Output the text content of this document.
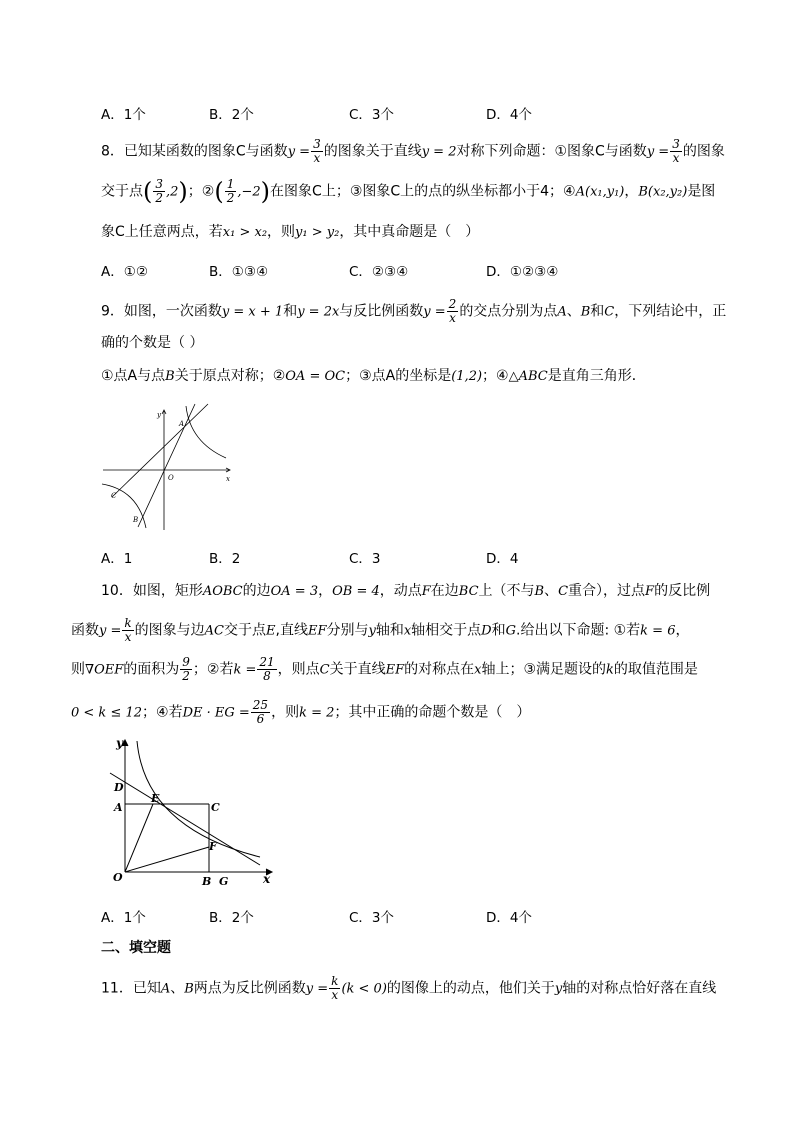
A．1个	B．2个	C．3个	D．4个
8．已知某函数的图象C与函数$y = \frac{3}{x}$ 的图象关于直线y = 2对称下列命题：①图象C与函数$y = \frac{3}{x}$ 的图象
交于点( $\frac{3}{2} ,2$)；②( $\frac{1}{2} ,-2$)在图象C上；③图象C上的点的纵坐标都小于4；④A(x₁,y₁)，B(x₂,y₂)是图
象C上任意两点，若x₁ > x₂，则y₁ > y₂，其中真命题是（　）
A．①②	B．①③④	C．②③④	D．①②③④
9．如图，一次函数y = x + 1和y = 2x与反比例函数$y = \frac{2}{x}$ 的交点分别为点A、B和C，下列结论中，正
确的个数是（ ）
①点A与点B关于原点对称；②OA = OC；③点A的坐标是(1,2)；④△ABC是直角三角形．
y
x
O
A
C
B
A．1	B．2	C．3	D．4
10．如图，矩形AOBC的边OA = 3，OB = 4，动点F在边BC上（不与B、C重合），过点F的反比例
函数$y = \frac{k}{x}$ 的图象与边AC交于点E,直线EF分别与y轴和x轴相交于点D和G.给出以下命题: ①若k = 6，
则∇OEF的面积为 $\frac{9}{2}$ ；②若$k = \frac{21}{8}$ ，则点C关于直线EF的对称点在x轴上；③满足题设的k的取值范围是
0 < k ≤ 12；④若DE · EG = $\frac{25}{6}$ ，则k = 2；其中正确的命题个数是（　）
y
x
O
A
D
E
C
F
B G
A．1个	B．2个	C．3个	D．4个
二、填空题
11．已知A、B两点为反比例函数$y = \frac{k}{x} (k < 0)$的图像上的动点，他们关于y轴的对称点恰好落在直线
